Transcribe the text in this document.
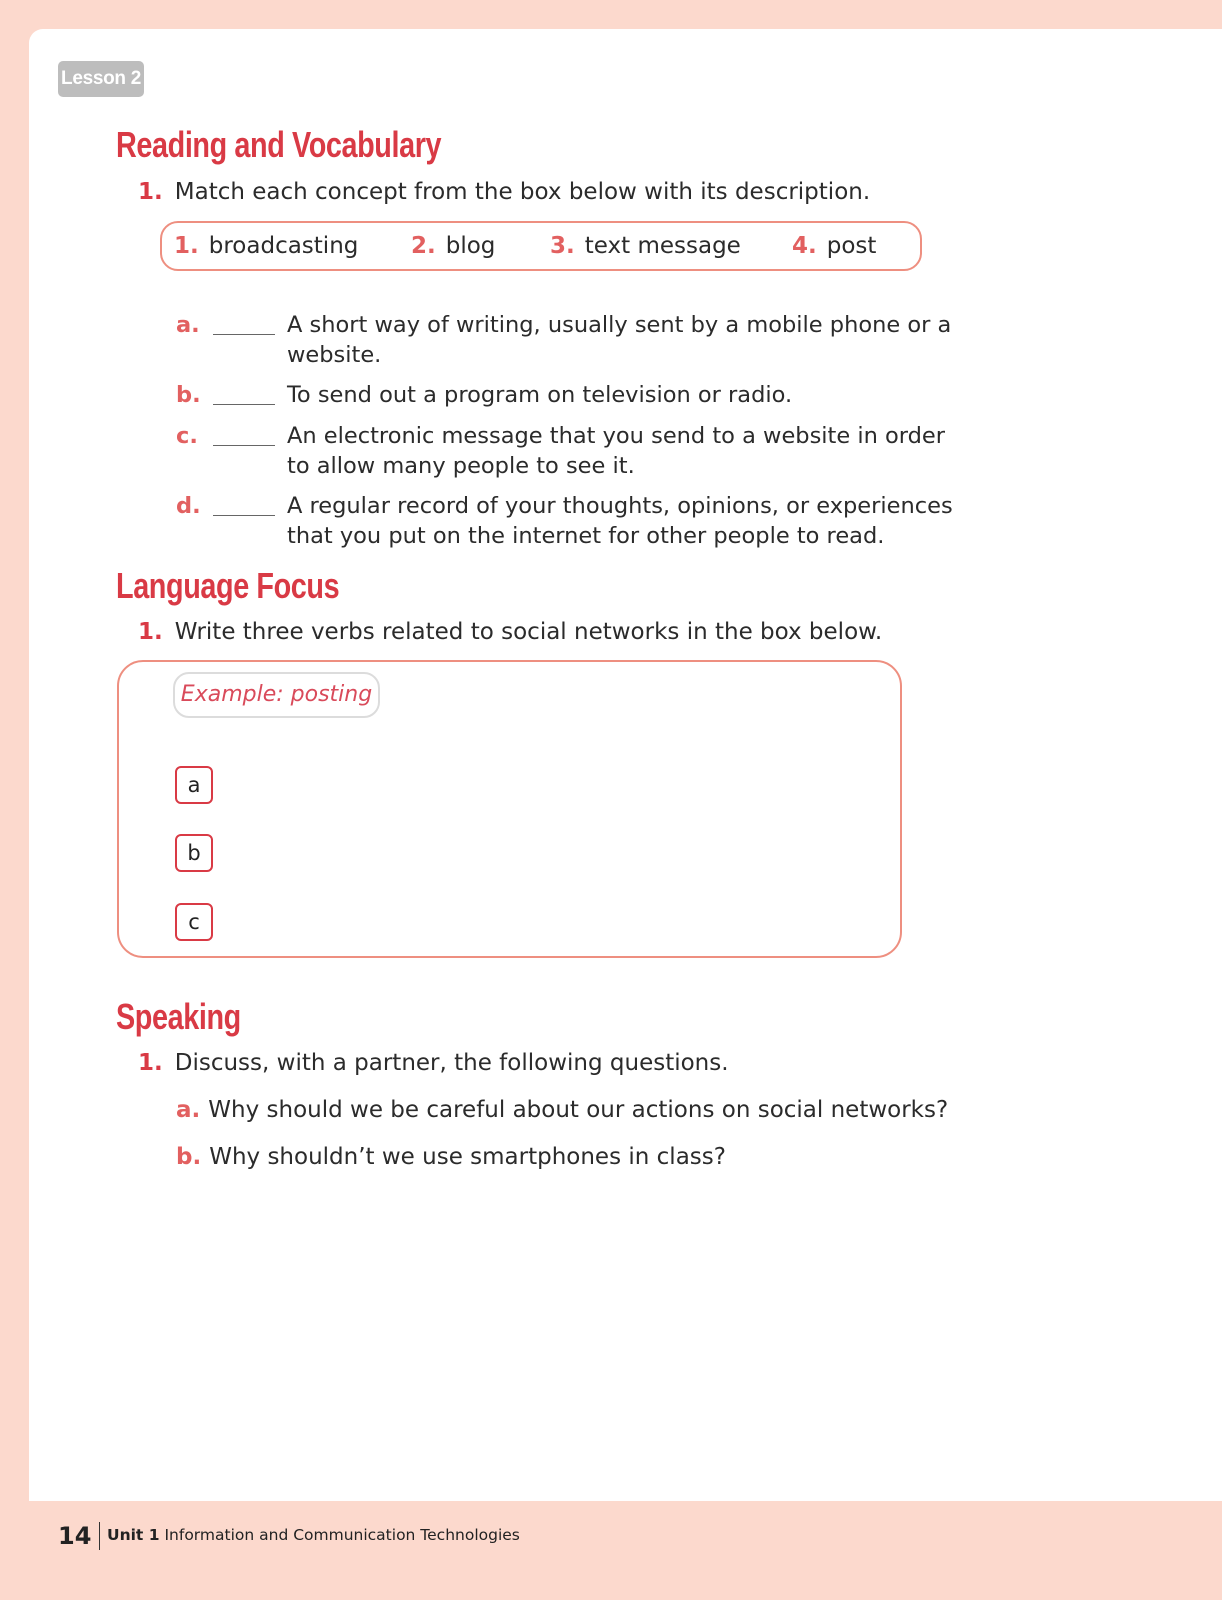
Lesson 2
Reading and Vocabulary
1. Match each concept from the box below with its description.
1. broadcasting 2. blog 3. text message 4. post
a.	A short way of writing, usually sent by a mobile phone or a website.
b.	To send out a program on television or radio.
c.	An electronic message that you send to a website in order to allow many people to see it.
d.	A regular record of your thoughts, opinions, or experiences that you put on the internet for other people to read.
Language Focus
1. Write three verbs related to social networks in the box below.
Example: posting
a
b
c
Speaking
1. Discuss, with a partner, the following questions.
a. Why should we be careful about our actions on social networks?
b. Why shouldn’t we use smartphones in class?
14 Unit 1 Information and Communication Technologies
